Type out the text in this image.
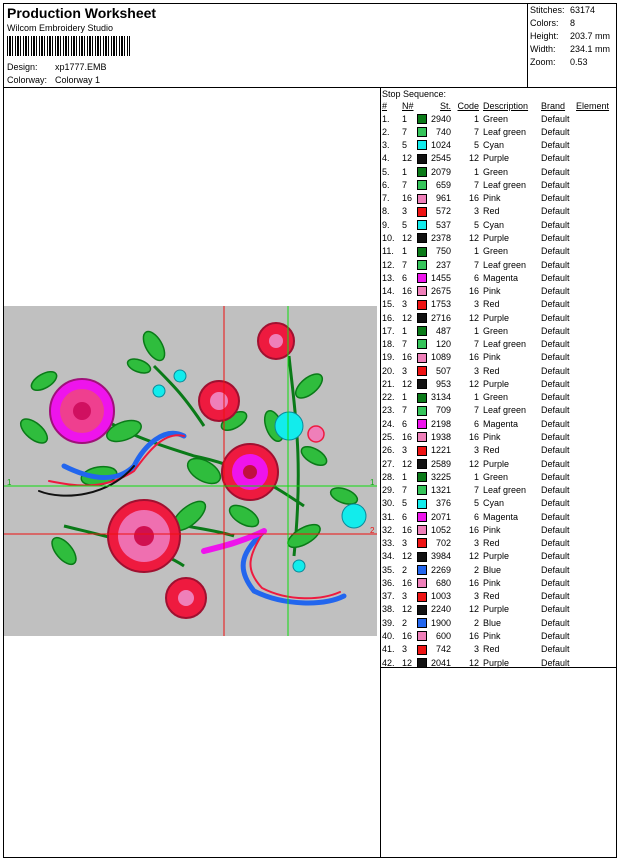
Production Worksheet
Wilcom Embroidery Studio
Design: xp1777.EMB
Colorway: Colorway 1
Stitches: 63174
Colors: 8
Height: 203.7 mm
Width: 234.1 mm
Zoom: 0.53
1	1
2
Stop Sequence:
#	N#		St.	Code	Description	Brand	Element
1.	1		2940	1	Green	Default	
2.	7		740	7	Leaf green	Default	
3.	5		1024	5	Cyan	Default	
4.	12		2545	12	Purple	Default	
5.	1		2079	1	Green	Default	
6.	7		659	7	Leaf green	Default	
7.	16		961	16	Pink	Default	
8.	3		572	3	Red	Default	
9.	5		537	5	Cyan	Default	
10.	12		2378	12	Purple	Default	
11.	1		750	1	Green	Default	
12.	7		237	7	Leaf green	Default	
13.	6		1455	6	Magenta	Default	
14.	16		2675	16	Pink	Default	
15.	3		1753	3	Red	Default	
16.	12		2716	12	Purple	Default	
17.	1		487	1	Green	Default	
18.	7		120	7	Leaf green	Default	
19.	16		1089	16	Pink	Default	
20.	3		507	3	Red	Default	
21.	12		953	12	Purple	Default	
22.	1		3134	1	Green	Default	
23.	7		709	7	Leaf green	Default	
24.	6		2198	6	Magenta	Default	
25.	16		1938	16	Pink	Default	
26.	3		1221	3	Red	Default	
27.	12		2589	12	Purple	Default	
28.	1		3225	1	Green	Default	
29.	7		1321	7	Leaf green	Default	
30.	5		376	5	Cyan	Default	
31.	6		2071	6	Magenta	Default	
32.	16		1052	16	Pink	Default	
33.	3		702	3	Red	Default	
34.	12		3984	12	Purple	Default	
35.	2		2269	2	Blue	Default	
36.	16		680	16	Pink	Default	
37.	3		1003	3	Red	Default	
38.	12		2240	12	Purple	Default	
39.	2		1900	2	Blue	Default	
40.	16		600	16	Pink	Default	
41.	3		742	3	Red	Default	
42.	12		2041	12	Purple	Default	
